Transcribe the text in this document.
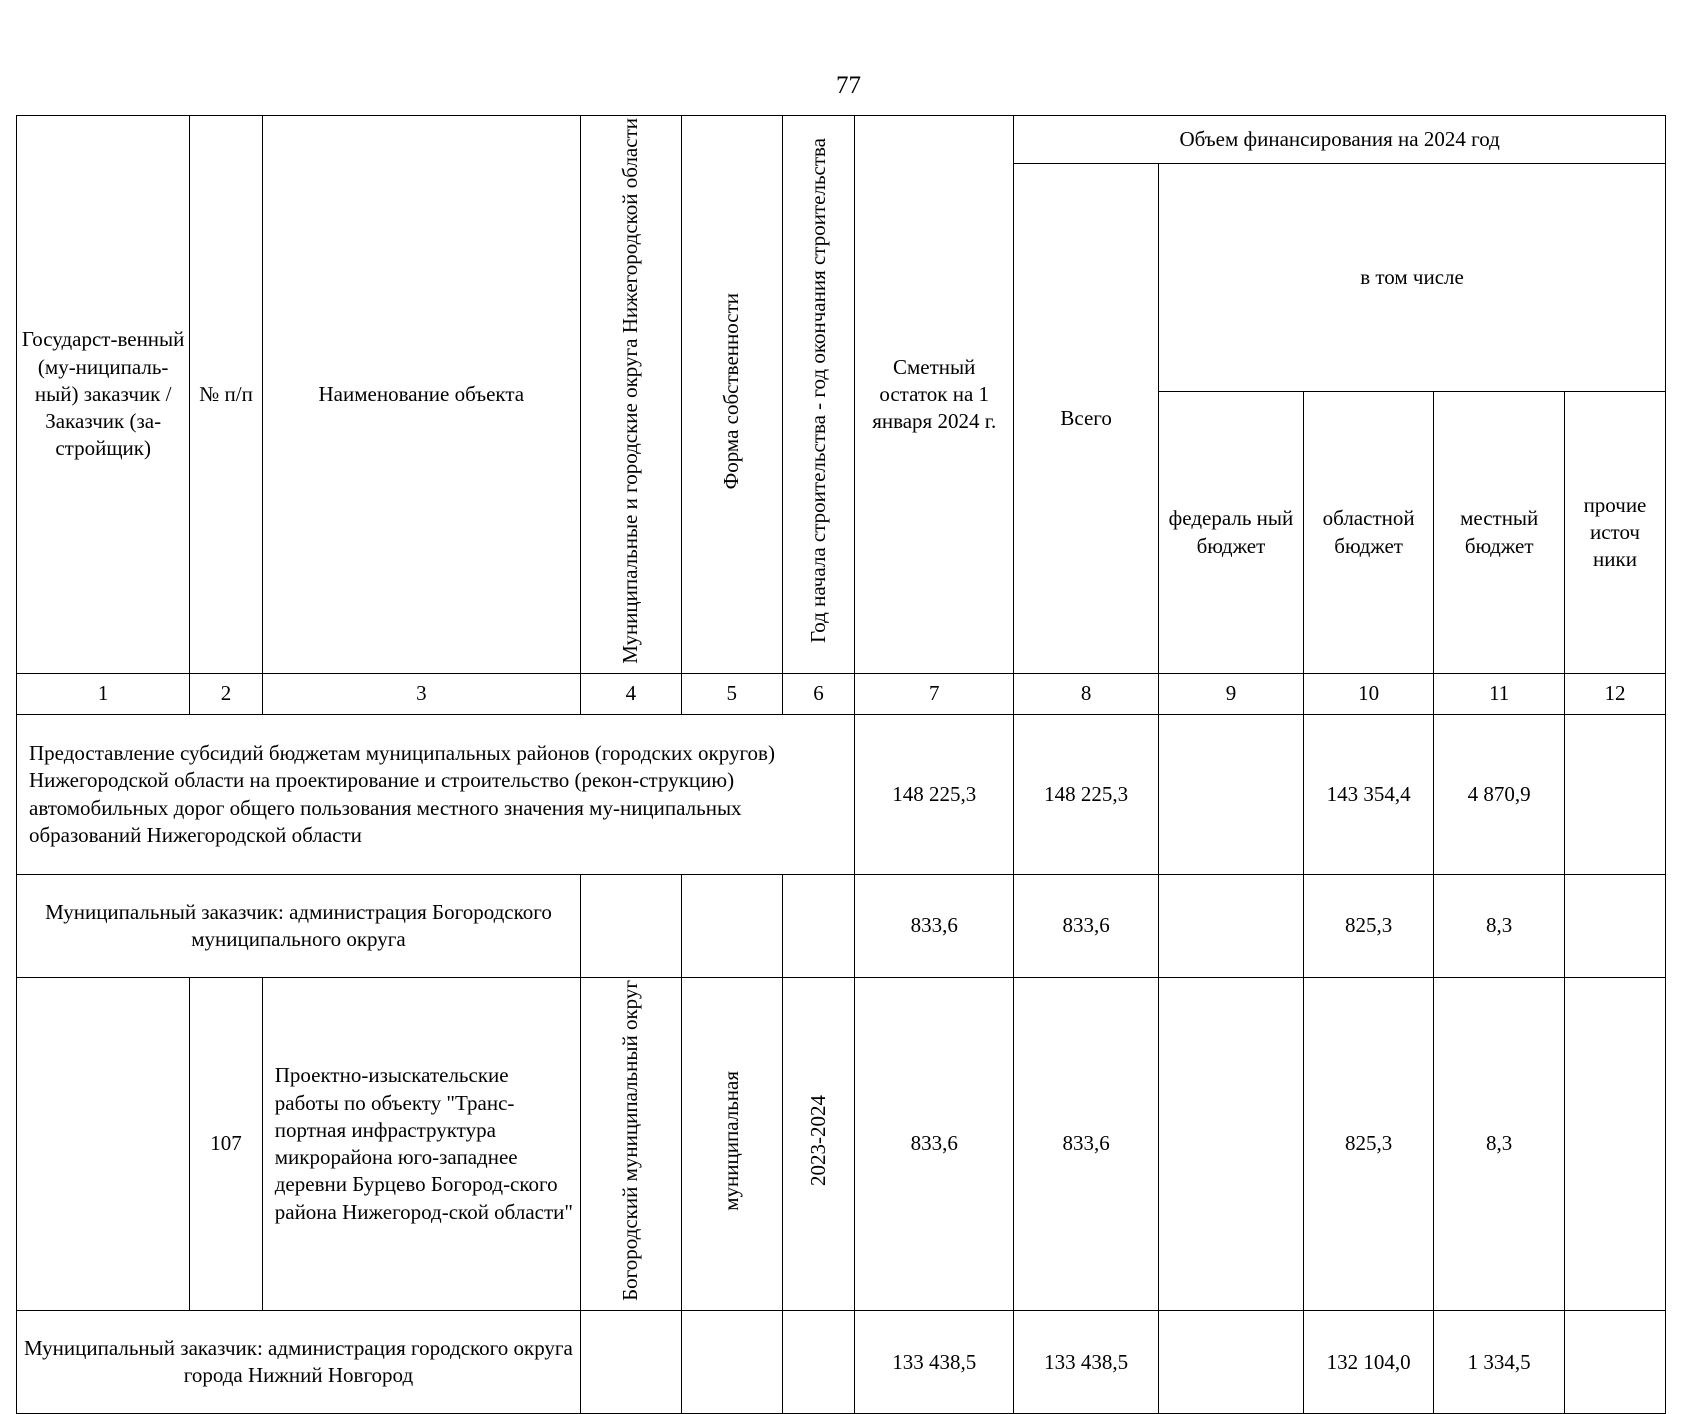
77
Государст-венный (му-ниципаль-ный) заказчик / Заказчик (за-стройщик)	№ п/п	Наименование объекта	Муниципальные и городские округа Нижегородской области	Форма собственности	Год начала строительства - год окончания строительства	Сметный остаток на 1 января 2024 г.	Объем финансирования на 2024 год				
							Всего	в том числе			
								федераль ный бюджет	областной бюджет	местный бюджет	прочие источ ники
1	2	3	4	5	6	7	8	9	10	11	12
Предоставление субсидий бюджетам муниципальных районов (городских округов) Нижегородской области на проектирование и строительство (рекон-струкцию) автомобильных дорог общего пользования местного значения му-ниципальных образований Нижегородской области						148 225,3	148 225,3		143 354,4	4 870,9	
Муниципальный заказчик: администрация Богородского муниципального округа						833,6	833,6		825,3	8,3	
	107	Проектно-изыскательские работы по объекту "Транс-портная инфраструктура микрорайона юго-западнее деревни Бурцево Богород-ского района Нижегород-ской области"	Богородский муниципальный округ	муниципальная	2023-2024	833,6	833,6		825,3	8,3	
Муниципальный заказчик: администрация городского округа города Нижний Новгород						133 438,5	133 438,5		132 104,0	1 334,5	
